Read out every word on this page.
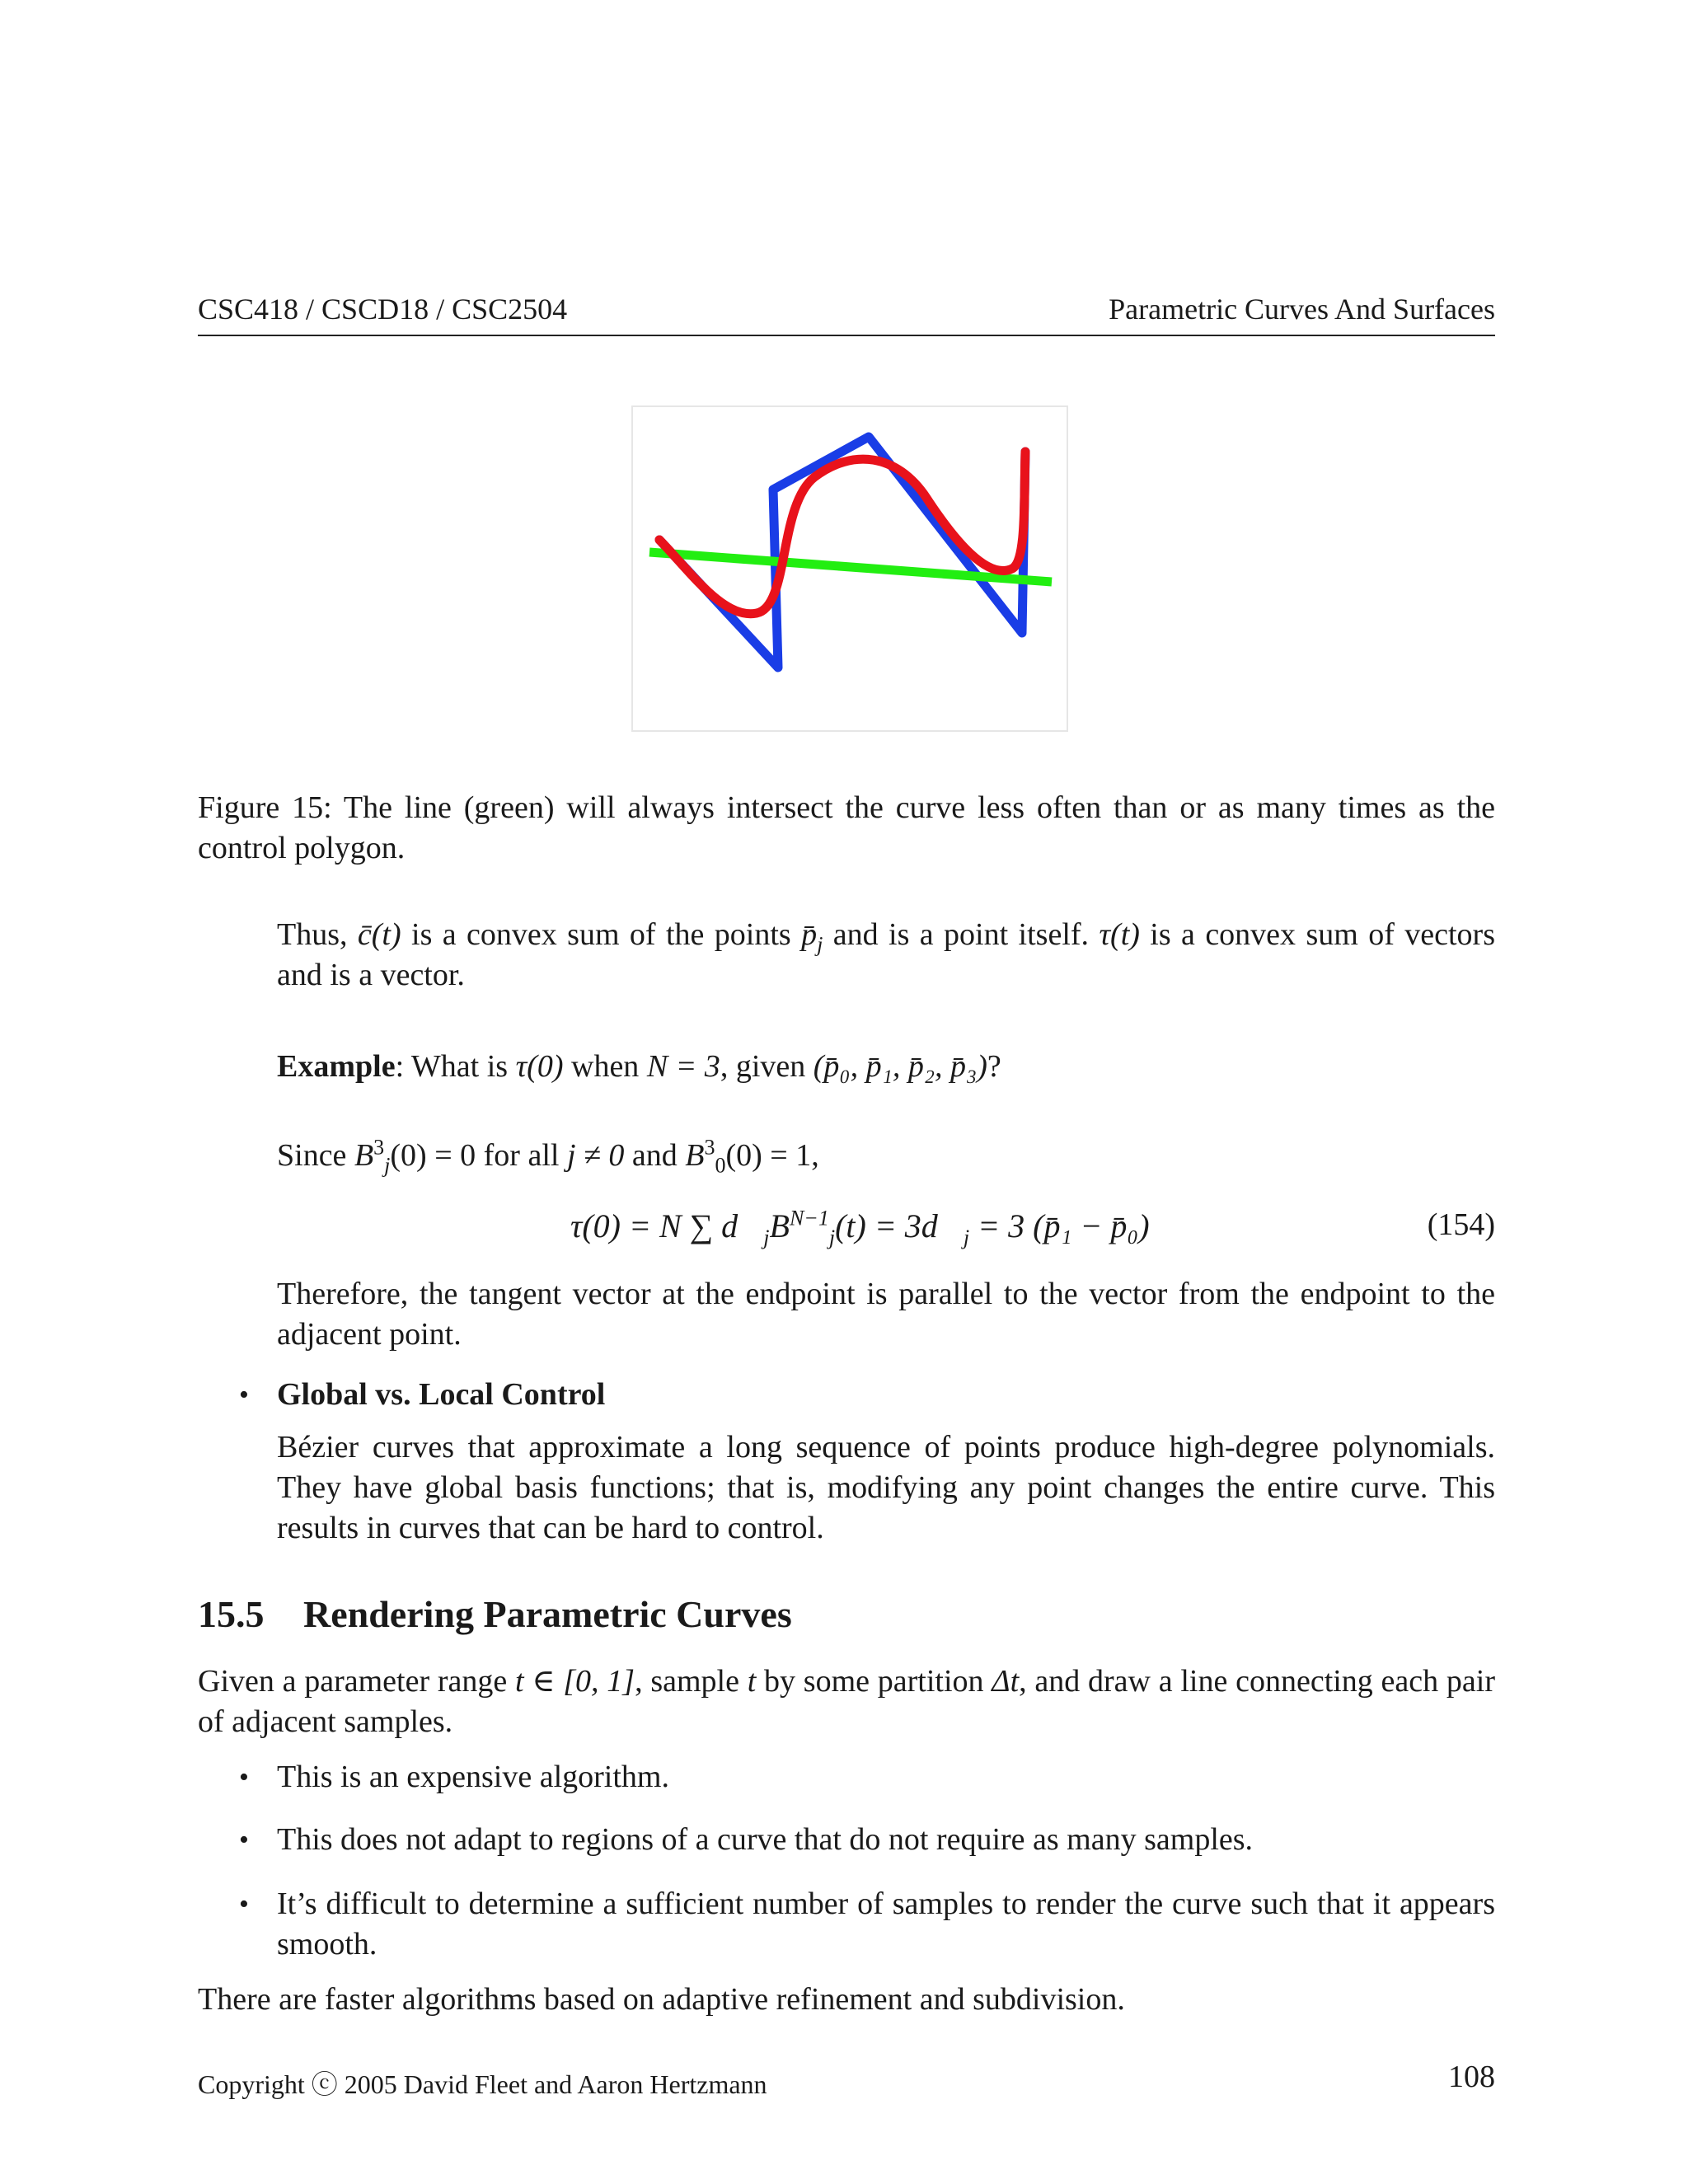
CSC418 / CSCD18 / CSC2504	Parametric Curves And Surfaces
Figure 15: The line (green) will always intersect the curve less often than or as many times as the control polygon.
Thus, c̄(t) is a convex sum of the points $p̄_j$ and is a point itself. τ(t) is a convex sum of vectors and is a vector.
Example: What is τ(0) when N = 3, given (p̄₀, p̄₁, p̄₂, p̄₃)?
Since $B^3_j(0) = 0$ for all j ≠ 0 and $B^3_0(0) = 1$,
τ(0) = N ∑ $d⃗_jB^{N-1}_j(t)$ = $3d⃗_j = 3$ (p̄₁ − p̄₀)	(154)
Therefore, the tangent vector at the endpoint is parallel to the vector from the endpoint to the adjacent point.
• Global vs. Local Control
Bézier curves that approximate a long sequence of points produce high-degree polynomials. They have global basis functions; that is, modifying any point changes the entire curve. This results in curves that can be hard to control.
15.5 Rendering Parametric Curves
Given a parameter range t ∈ [0, 1], sample t by some partition Δt, and draw a line connecting each pair of adjacent samples.
• This is an expensive algorithm.
• This does not adapt to regions of a curve that do not require as many samples.
• It’s difficult to determine a sufficient number of samples to render the curve such that it appears smooth.
There are faster algorithms based on adaptive refinement and subdivision.
Copyright ⓒ 2005 David Fleet and Aaron Hertzmann	108
